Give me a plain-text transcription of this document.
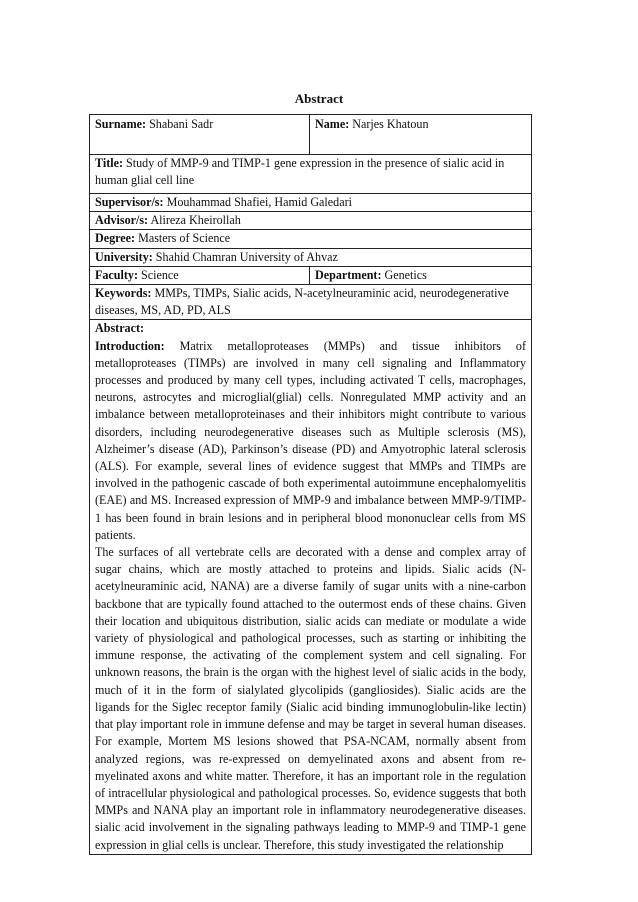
Abstract
Surname: Shabani Sadr	Name: Narjes Khatoun
Title: Study of MMP-9 and TIMP-1 gene expression in the presence of sialic acid in human glial cell line	
Supervisor/s: Mouhammad Shafiei, Hamid Galedari	
Advisor/s: Alireza Kheirollah	
Degree: Masters of Science	
University: Shahid Chamran University of Ahvaz	
Faculty: Science	Department: Genetics
Keywords: MMPs, TIMPs, Sialic acids, N-acetylneuraminic acid, neurodegenerative diseases, MS, AD, PD, ALS	

Abstract:

Introduction: Matrix metalloproteases (MMPs) and tissue inhibitors of metalloproteases (TIMPs) are involved in many cell signaling and Inflammatory processes and produced by many cell types, including activated T cells, macrophages, neurons, astrocytes and microglial(glial) cells. Nonregulated MMP activity and an imbalance between metalloproteinases and their inhibitors might contribute to various disorders, including neurodegenerative diseases such as Multiple sclerosis (MS), Alzheimer’s disease (AD), Parkinson’s disease (PD) and Amyotrophic lateral sclerosis (ALS). For example, several lines of evidence suggest that MMPs and TIMPs are involved in the pathogenic cascade of both experimental autoimmune encephalomyelitis (EAE) and MS. Increased expression of MMP-9 and imbalance between MMP-9/TIMP-1 has been found in brain lesions and in peripheral blood mononuclear cells from MS patients.

The surfaces of all vertebrate cells are decorated with a dense and complex array of sugar chains, which are mostly attached to proteins and lipids. Sialic acids (N-acetylneuraminic acid, NANA) are a diverse family of sugar units with a nine-carbon backbone that are typically found attached to the outermost ends of these chains. Given their location and ubiquitous distribution, sialic acids can mediate or modulate a wide variety of physiological and pathological processes, such as starting or inhibiting the immune response, the activating of the complement system and cell signaling. For unknown reasons, the brain is the organ with the highest level of sialic acids in the body, much of it in the form of sialylated glycolipids (gangliosides). Sialic acids are the ligands for the Siglec receptor family (Sialic acid binding immunoglobulin-like lectin) that play important role in immune defense and may be target in several human diseases. For example, Mortem MS lesions showed that PSA-NCAM, normally absent from analyzed regions, was re-expressed on demyelinated axons and absent from re-myelinated axons and white matter. Therefore, it has an important role in the regulation of intracellular physiological and pathological processes. So, evidence suggests that both MMPs and NANA play an important role in inflammatory neurodegenerative diseases. sialic acid involvement in the signaling pathways leading to MMP-9 and TIMP-1 gene expression in glial cells is unclear. Therefore, this study investigated the relationship	
